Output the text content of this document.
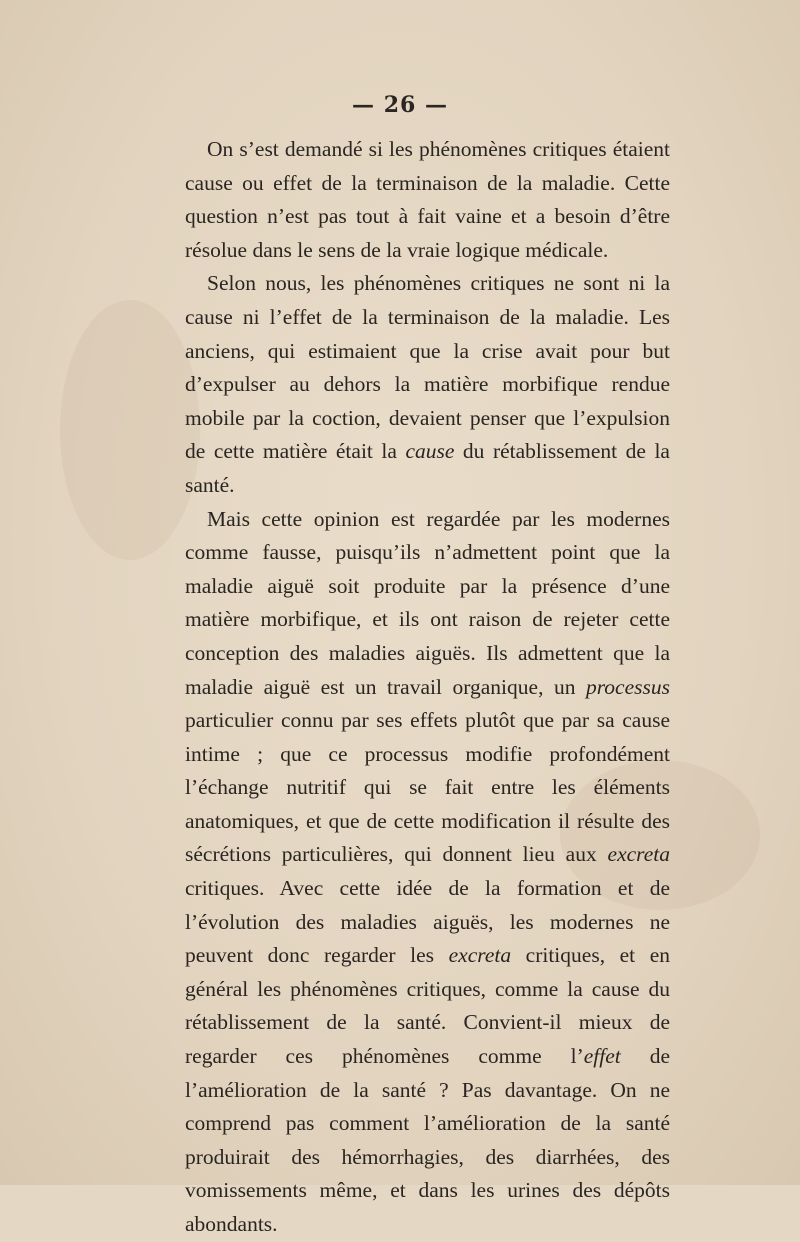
— 26 —

On s’est demandé si les phénomènes critiques étaient cause ou effet de la terminaison de la maladie. Cette question n’est pas tout à fait vaine et a besoin d’être résolue dans le sens de la vraie logique médicale.

Selon nous, les phénomènes critiques ne sont ni la cause ni l’effet de la terminaison de la maladie. Les anciens, qui estimaient que la crise avait pour but d’expulser au dehors la matière morbifique rendue mobile par la coction, devaient penser que l’expulsion de cette matière était la cause du rétablissement de la santé.

Mais cette opinion est regardée par les modernes comme fausse, puisqu’ils n’admettent point que la maladie aiguë soit produite par la présence d’une matière morbifique, et ils ont raison de rejeter cette conception des maladies aiguës. Ils admettent que la maladie aiguë est un travail organique, un processus particulier connu par ses effets plutôt que par sa cause intime ; que ce processus modifie profondément l’échange nutritif qui se fait entre les éléments anatomiques, et que de cette modification il résulte des sécrétions particulières, qui donnent lieu aux excreta critiques. Avec cette idée de la formation et de l’évolution des maladies aiguës, les modernes ne peuvent donc regarder les excreta critiques, et en général les phénomènes critiques, comme la cause du rétablissement de la santé. Convient-il mieux de regarder ces phénomènes comme l’effet de l’amélioration de la santé ? Pas davantage. On ne comprend pas comment l’amélioration de la santé produirait des hémorrhagies, des diarrhées, des vomissements même, et dans les urines des dépôts abondants.
